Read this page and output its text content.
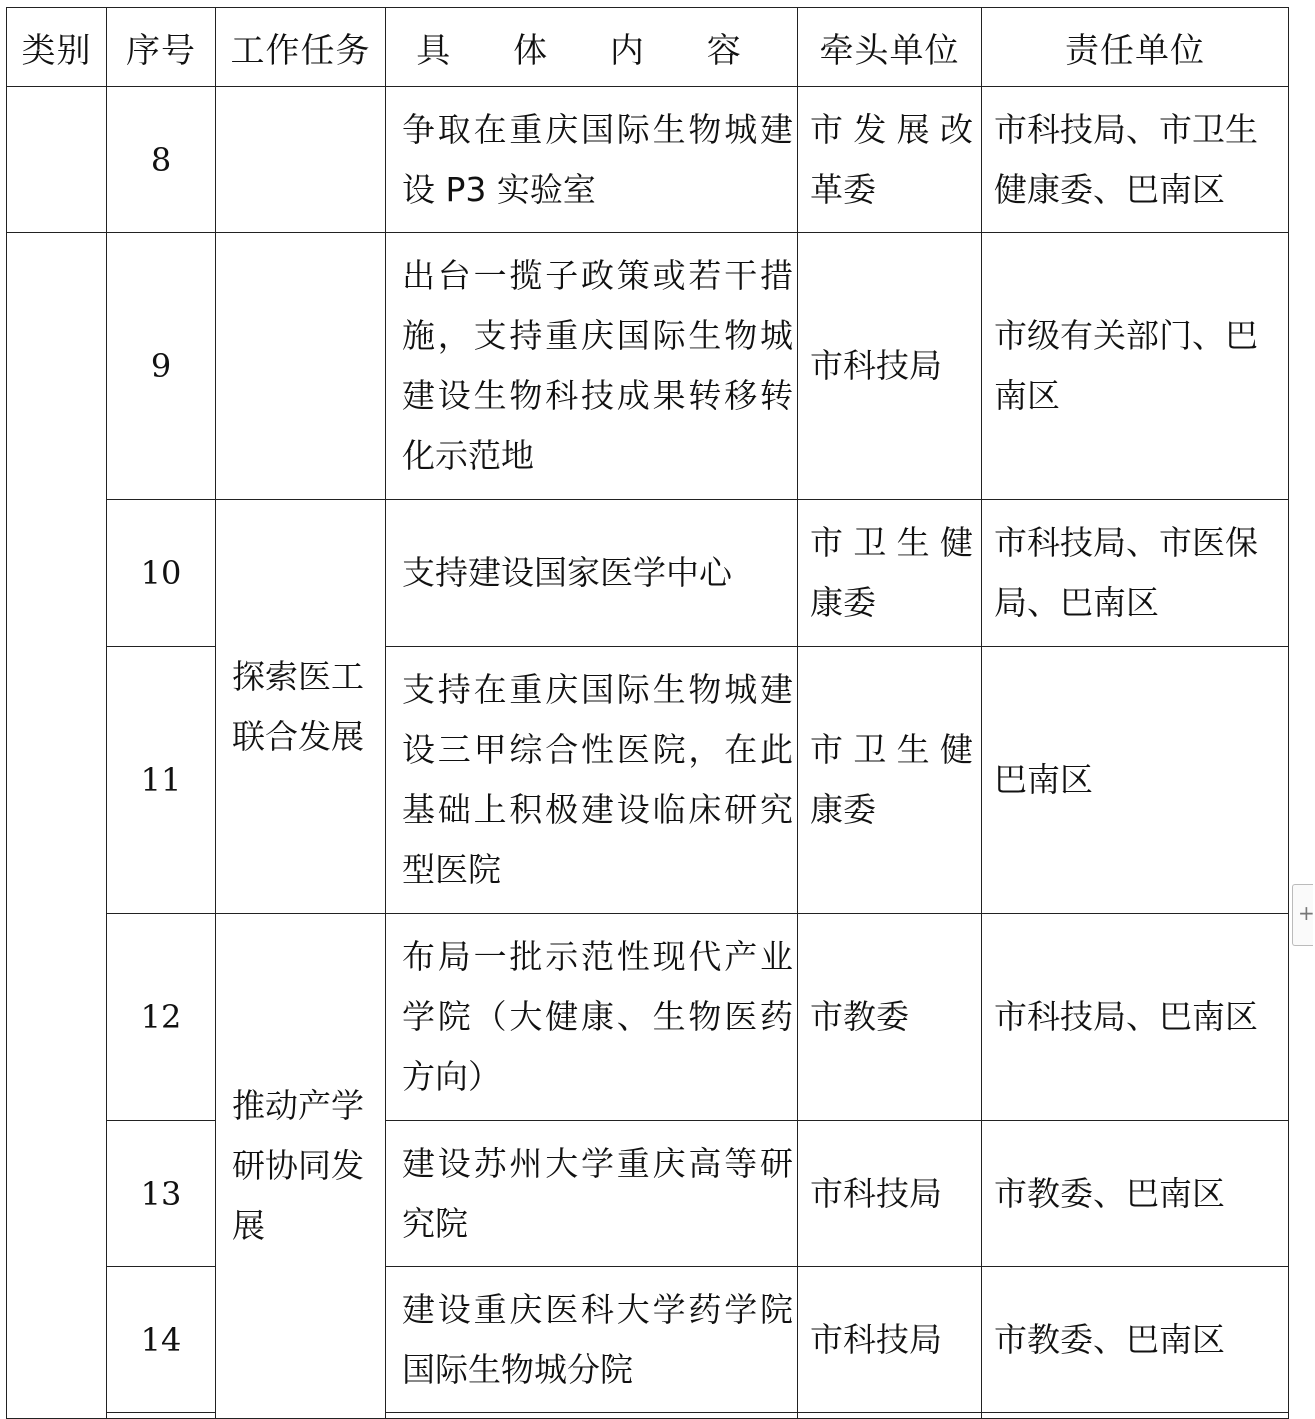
类别	序号	工作任务	具 体 内 容	牵头单位	责任单位	
	8		争取在重庆国际生物城建设 P3 实验室	市发展改革委	市科技局、市卫生健康委、巴南区	
	9		出台一揽子政策或若干措施，支持重庆国际生物城建设生物科技成果转移转化示范地	市科技局	市级有关部门、巴南区	
	10	探索医工联合发展	支持建设国家医学中心	市卫生健康委	市科技局、市医保局、巴南区	
	11		支持在重庆国际生物城建设三甲综合性医院，在此基础上积极建设临床研究型医院	市卫生健康委	巴南区	
	12	推动产学研协同发展	布局一批示范性现代产业学院（大健康、生物医药方向）	市教委	市科技局、巴南区	
	13		建设苏州大学重庆高等研究院	市科技局	市教委、巴南区	
	14		建设重庆医科大学药学院国际生物城分院	市科技局	市教委、巴南区	

+
